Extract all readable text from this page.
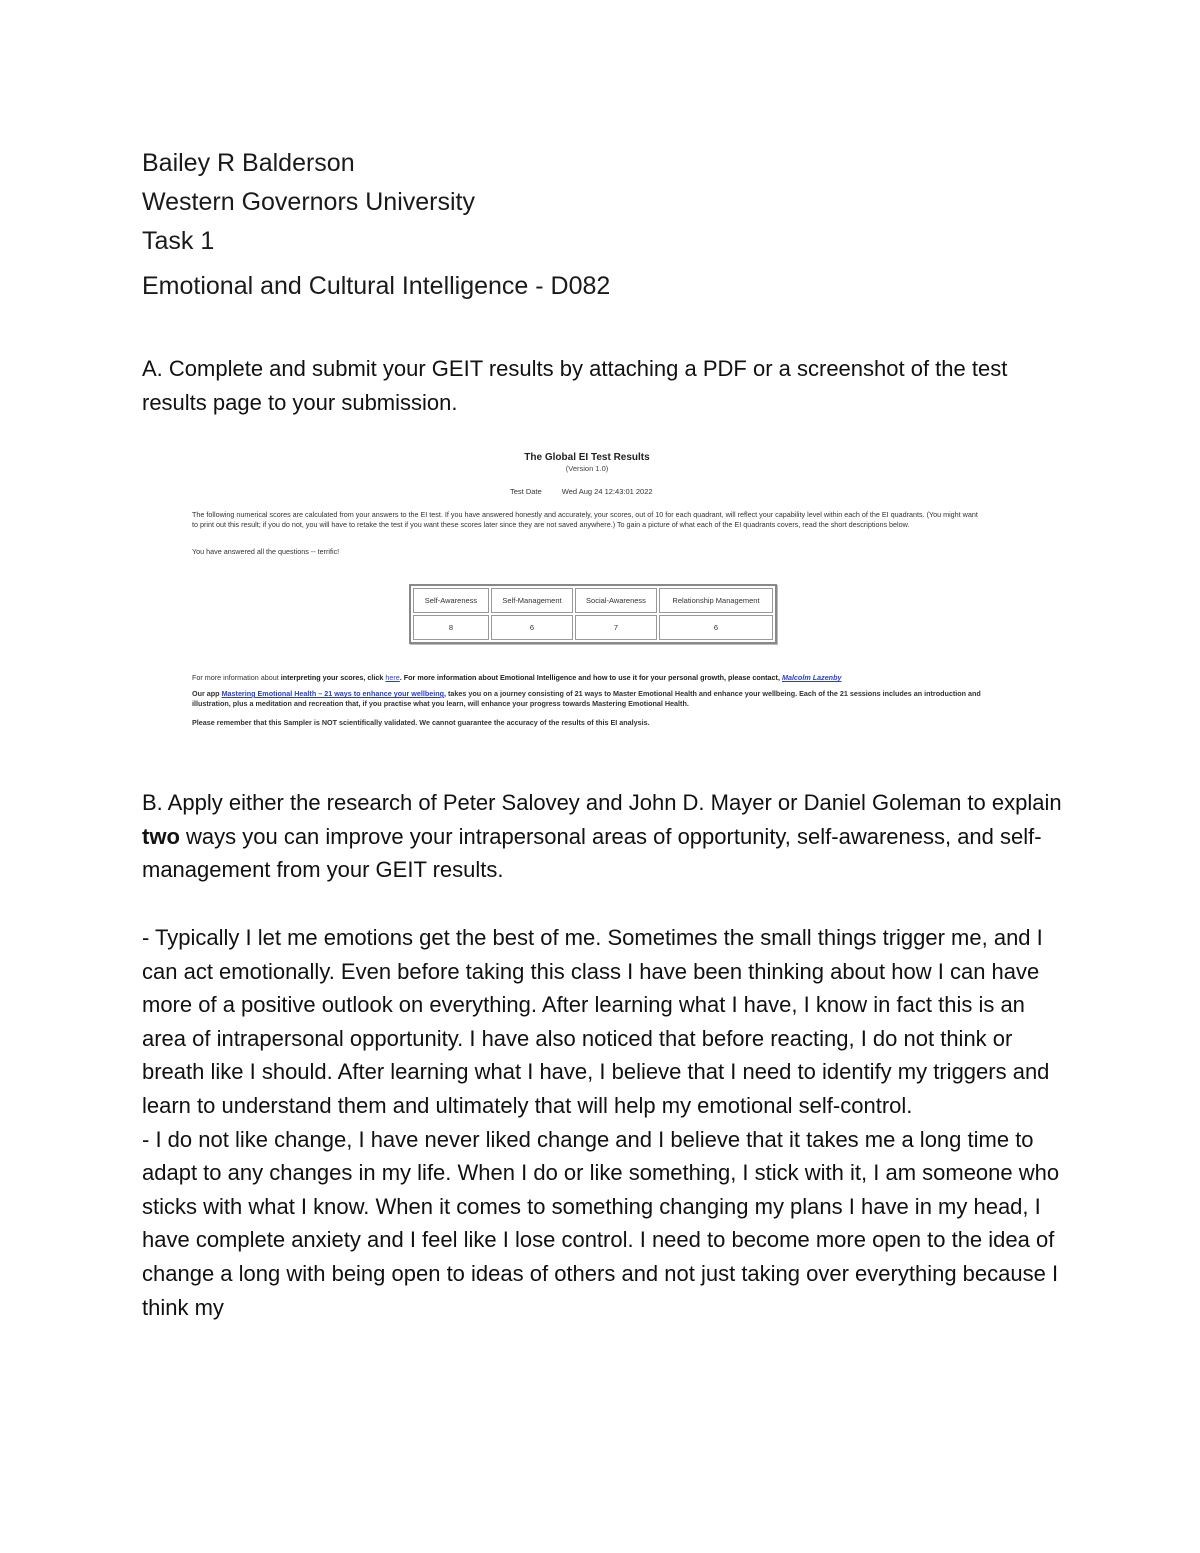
Bailey R Balderson
Western Governors University
Task 1
Emotional and Cultural Intelligence - D082
A. Complete and submit your GEIT results by attaching a PDF or a screenshot of the test results page to your submission.
The Global EI Test Results
(Version 1.0)
Test Date	Wed Aug 24 12:43:01 2022
The following numerical scores are calculated from your answers to the EI test. If you have answered honestly and accurately, your scores, out of 10 for each quadrant, will reflect your capability level within each of the EI quadrants. (You might want to print out this result; if you do not, you will have to retake the test if you want these scores later since they are not saved anywhere.) To gain a picture of what each of the EI quadrants covers, read the short descriptions below.
You have answered all the questions -- terrific!
Self-Awareness	Self-Management	Social-Awareness	Relationship Management
8	6	7	6
For more information about interpreting your scores, click here. For more information about Emotional Intelligence and how to use it for your personal growth, please contact, Malcolm Lazenby
Our app Mastering Emotional Health – 21 ways to enhance your wellbeing, takes you on a journey consisting of 21 ways to Master Emotional Health and enhance your wellbeing. Each of the 21 sessions includes an introduction and illustration, plus a meditation and recreation that, if you practise what you learn, will enhance your progress towards Mastering Emotional Health.
Please remember that this Sampler is NOT scientifically validated. We cannot guarantee the accuracy of the results of this EI analysis.
B. Apply either the research of Peter Salovey and John D. Mayer or Daniel Goleman to explain two ways you can improve your intrapersonal areas of opportunity, self-awareness, and self-management from your GEIT results.

- Typically I let me emotions get the best of me. Sometimes the small things trigger me, and I can act emotionally. Even before taking this class I have been thinking about how I can have more of a positive outlook on everything. After learning what I have, I know in fact this is an area of intrapersonal opportunity. I have also noticed that before reacting, I do not think or breath like I should. After learning what I have, I believe that I need to identify my triggers and learn to understand them and ultimately that will help my emotional self-control.

- I do not like change, I have never liked change and I believe that it takes me a long time to adapt to any changes in my life. When I do or like something, I stick with it, I am someone who sticks with what I know. When it comes to something changing my plans I have in my head, I have complete anxiety and I feel like I lose control. I need to become more open to the idea of change a long with being open to ideas of others and not just taking over everything because I think my
